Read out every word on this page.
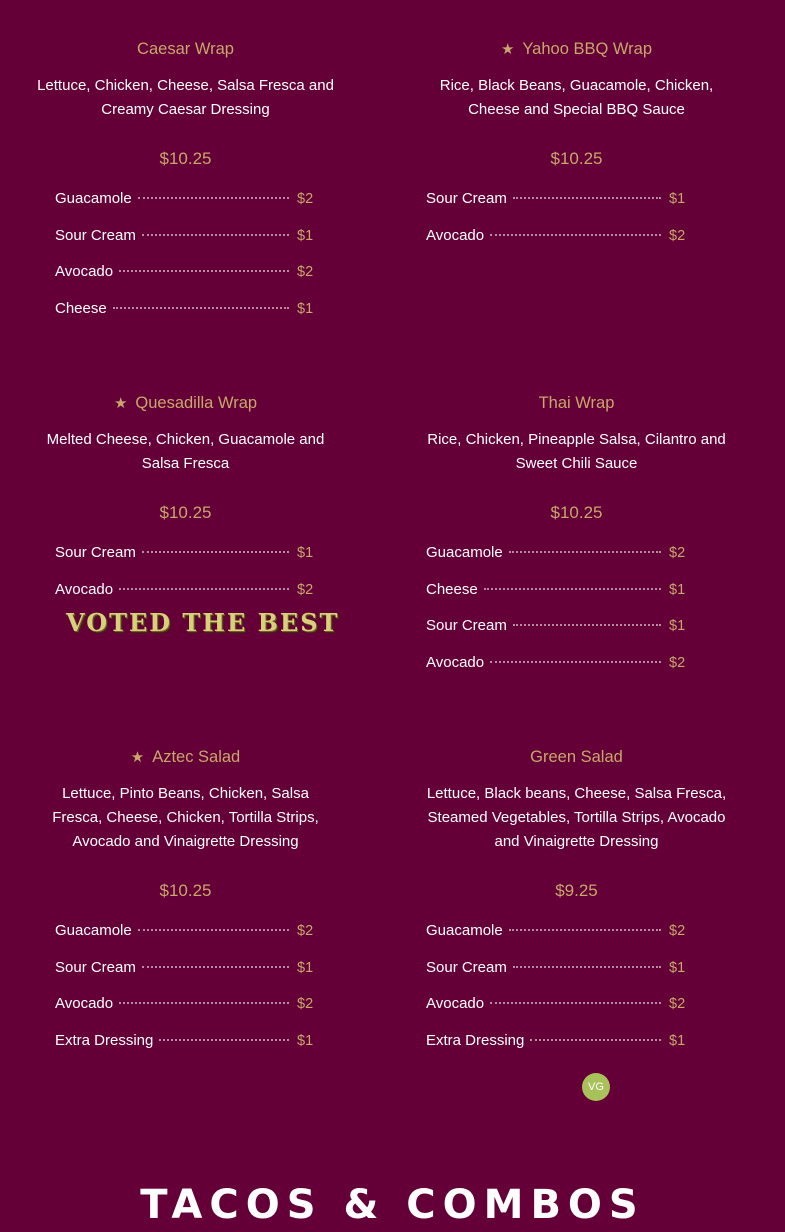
Caesar Wrap
Lettuce, Chicken, Cheese, Salsa Fresca and Creamy Caesar Dressing
$10.25
Guacamole	$2
Sour Cream	$1
Avocado	$2
Cheese	$1
★ Yahoo BBQ Wrap
Rice, Black Beans, Guacamole, Chicken, Cheese and Special BBQ Sauce
$10.25
Sour Cream	$1
Avocado	$2
★ Quesadilla Wrap
Melted Cheese, Chicken, Guacamole and Salsa Fresca
$10.25
Sour Cream	$1
Avocado	$2
Thai Wrap
Rice, Chicken, Pineapple Salsa, Cilantro and Sweet Chili Sauce
$10.25
Guacamole	$2
Cheese	$1
Sour Cream	$1
Avocado	$2
★ Aztec Salad
Lettuce, Pinto Beans, Chicken, Salsa Fresca, Cheese, Chicken, Tortilla Strips, Avocado and Vinaigrette Dressing
$10.25
Guacamole	$2
Sour Cream	$1
Avocado	$2
Extra Dressing	$1
Green Salad
Lettuce, Black beans, Cheese, Salsa Fresca, Steamed Vegetables, Tortilla Strips, Avocado and Vinaigrette Dressing
$9.25
Guacamole	$2
Sour Cream	$1
Avocado	$2
Extra Dressing	$1
VOTED THE BEST
VG
TACOS & COMBOS
